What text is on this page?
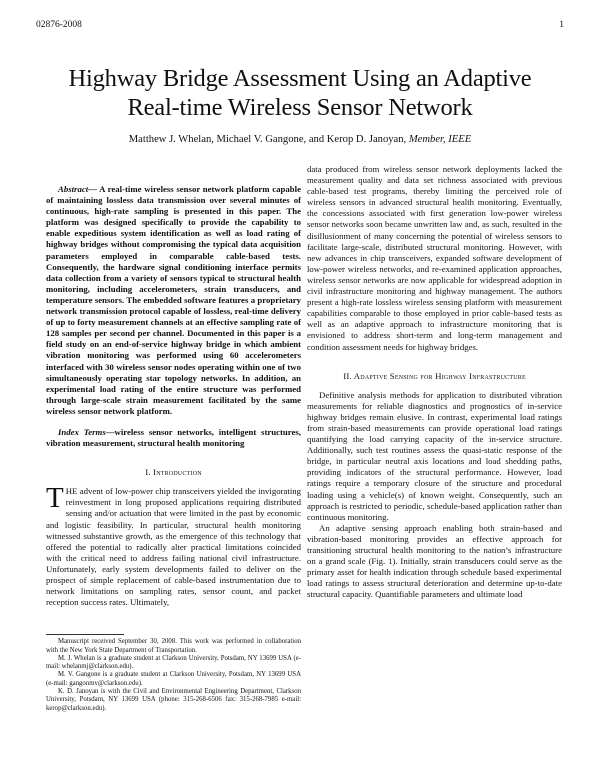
02876-2008	1
Highway Bridge Assessment Using an Adaptive
Real-time Wireless Sensor Network
Matthew J. Whelan, Michael V. Gangone, and Kerop D. Janoyan, Member, IEEE

Abstract— A real-time wireless sensor network platform capable of maintaining lossless data transmission over several minutes of continuous, high-rate sampling is presented in this paper. The platform was designed specifically to provide the capability to enable expeditious system identification as well as load rating of highway bridges without compromising the typical data acquisition parameters employed in comparable cable-based tests. Consequently, the hardware signal conditioning interface permits data collection from a variety of sensors typical to structural health monitoring, including accelerometers, strain transducers, and temperature sensors. The embedded software features a proprietary network transmission protocol capable of lossless, real-time delivery of up to forty measurement channels at an effective sampling rate of 128 samples per second per channel. Documented in this paper is a field study on an end-of-service highway bridge in which ambient vibration monitoring was performed using 60 accelerometers interfaced with 30 wireless sensor nodes operating within one of two simultaneously operating star topology networks. In addition, an experimental load rating of the entire structure was performed through large-scale strain measurement facilitated by the same wireless sensor network platform.

Index Terms—wireless sensor networks, intelligent structures, vibration measurement, structural health monitoring

I. Introduction

THE advent of low-power chip transceivers yielded the invigorating reinvestment in long proposed applications requiring distributed sensing and/or actuation that were limited in the past by economic and logistic feasibility. In particular, structural health monitoring witnessed substantive growth, as the emergence of this technology that offered the potential to radically alter practical limitations coincided with the critical need to address failing national civil infrastructure. Unfortunately, early system developments failed to deliver on the prospect of simple replacement of cable-based instrumentation due to network limitations on sampling rates, sensor count, and packet reception success rates. Ultimately,

Manuscript received September 30, 2008. This work was performed in collaboration with the New York State Department of Transportation.

M. J. Whelan is a graduate student at Clarkson University, Potsdam, NY 13699 USA (e-mail: whelanmj@clarkson.edu).

M. V. Gangone is a graduate student at Clarkson University, Potsdam, NY 13699 USA (e-mail: gangonmv@clarkson.edu).

K. D. Janoyan is with the Civil and Environmental Engineering Department, Clarkson University, Potsdam, NY 13699 USA (phone: 315-268-6506 fax: 315-268-7985 e-mail: kerop@clarkson.edu).

data produced from wireless sensor network deployments lacked the measurement quality and data set richness associated with previous cable-based test programs, thereby limiting the perceived role of wireless sensors in advanced structural health monitoring. Eventually, the concessions associated with first generation low-power wireless sensor networks soon became unwritten law and, as such, resulted in the disillusionment of many concerning the potential of wireless sensors to facilitate large-scale, distributed structural monitoring. However, with new advances in chip transceivers, expanded software development of low-power wireless networks, and re-examined application approaches, wireless sensor networks are now applicable for widespread adoption in civil infrastructure monitoring and highway management. The authors present a high-rate lossless wireless sensing platform with measurement capabilities comparable to those employed in prior cable-based tests as well as an adaptive approach to infrastructure monitoring that is envisioned to address short-term and long-term management and condition assessment needs for highway bridges.

II. Adaptive Sensing for Highway Infrastructure

Definitive analysis methods for application to distributed vibration measurements for reliable diagnostics and prognostics of in-service highway bridges remain elusive. In contrast, experimental load ratings from strain-based measurements can provide operational load ratings quantifying the load carrying capacity of the in-service structure. Additionally, such test routines assess the quasi-static response of the bridge, in particular neutral axis locations and load shedding paths, providing indicators of the structural performance. However, load ratings require a temporary closure of the structure and procedural loading using a vehicle(s) of known weight. Consequently, such an approach is restricted to periodic, schedule-based application rather than continuous monitoring.

An adaptive sensing approach enabling both strain-based and vibration-based monitoring provides an effective approach for transitioning structural health monitoring to the nation’s infrastructure on a grand scale (Fig. 1). Initially, strain transducers could serve as the primary asset for health indication through schedule based experimental load ratings to assess structural deterioration and determine up-to-date structural capacity. Quantifiable parameters and ultimate load
